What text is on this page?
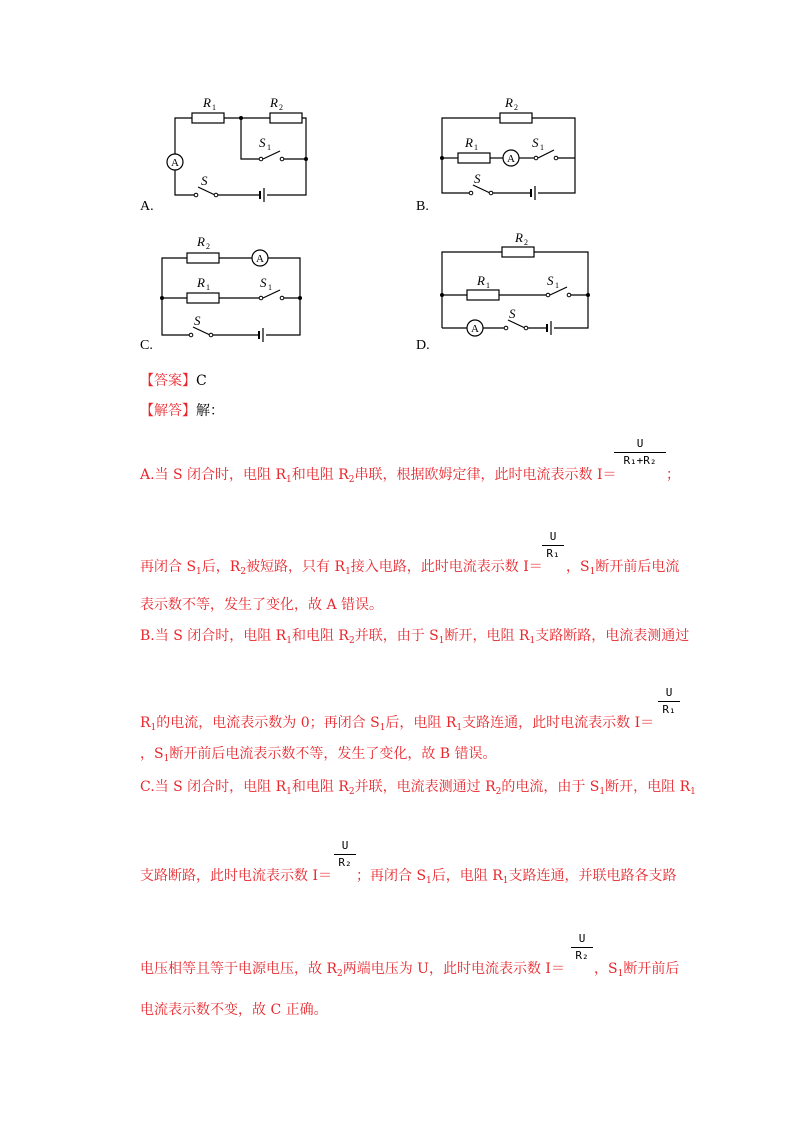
A
R 1	R 2
S 1
S
A.
A
R 2
R 1	S 1
S
B.
A
R 2
R 1	S 1
S
C.
A
R 2
R 1	S 1
S
D.
【答案】C
【解答】解：
A.当 S 闭合时，电阻 $R_1$和电阻 $R_2$串联，根据欧姆定律，此时电流表示数 I＝
U
R₁+R₂
；
再闭合 $S_1$后，$R_2$被短路，只有 $R_1$接入电路，此时电流表示数 I＝
U
R₁
，$S_1$断开前后电流
表示数不等，发生了变化，故 A 错误。
B.当 S 闭合时，电阻 $R_1$和电阻 $R_2$并联，由于 $S_1$断开，电阻 $R_1$支路断路，电流表测通过
$R_1$的电流，电流表示数为 0；再闭合 $S_1$后，电阻 $R_1$支路连通，此时电流表示数 I＝
U
R₁
，$S_1$断开前后电流表示数不等，发生了变化，故 B 错误。
C.当 S 闭合时，电阻 $R_1$和电阻 $R_2$并联，电流表测通过 $R_2$的电流，由于 $S_1$断开，电阻 $R_1$
支路断路，此时电流表示数 I＝
U
R₂
；再闭合 $S_1$后，电阻 $R_1$支路连通，并联电路各支路
电压相等且等于电源电压，故 $R_2$两端电压为 U，此时电流表示数 I＝
U
R₂
，$S_1$断开前后
电流表示数不变，故 C 正确。
